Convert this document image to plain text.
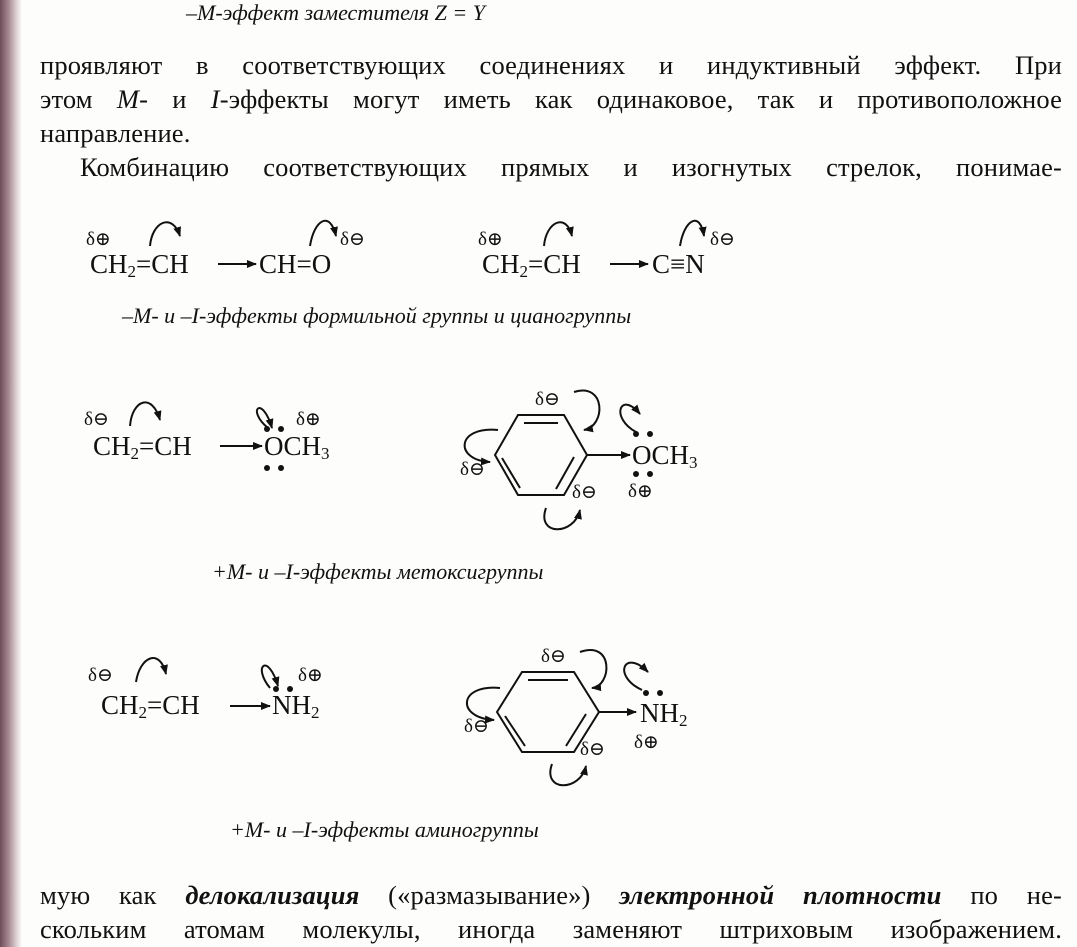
–M-эффект заместителя Z = Y
проявляют в соответствующих соединениях и индуктивный эффект. При
этом M- и I-эффекты могут иметь как одинаковое, так и противоположное
направление.
Комбинацию соответствующих прямых и изогнутых стрелок, понимае-
δ⊕
$CH_2=CH$	CH=O
δ⊖	δ⊕
$CH_2=CH$	C≡N
δ⊖
–M- и –I-эффекты формильной группы и цианогруппы
δ⊖
$CH_2=CH$	$OCH_3$
δ⊕
δ⊖
δ⊖
δ⊖
$OCH_3$
δ⊕
+M- и –I-эффекты метоксигруппы
δ⊖
$CH_2=CH$	$NH_2$
δ⊕
δ⊖
δ⊖
δ⊖
$NH_2$
δ⊕
+M- и –I-эффекты аминогруппы
мую как делокализация («размазывание») электронной плотности по не-
скольким атомам молекулы, иногда заменяют штриховым изображением.
